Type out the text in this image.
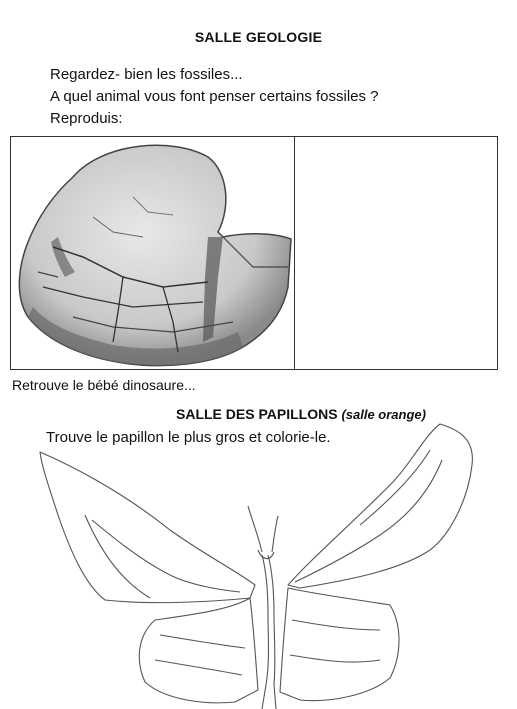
SALLE GEOLOGIE
Regardez- bien les fossiles...
A quel animal vous font penser certains fossiles ?
Reproduis:
Retrouve le bébé dinosaure...
SALLE DES PAPILLONS (salle orange)
Trouve le papillon le plus gros et colorie-le.
